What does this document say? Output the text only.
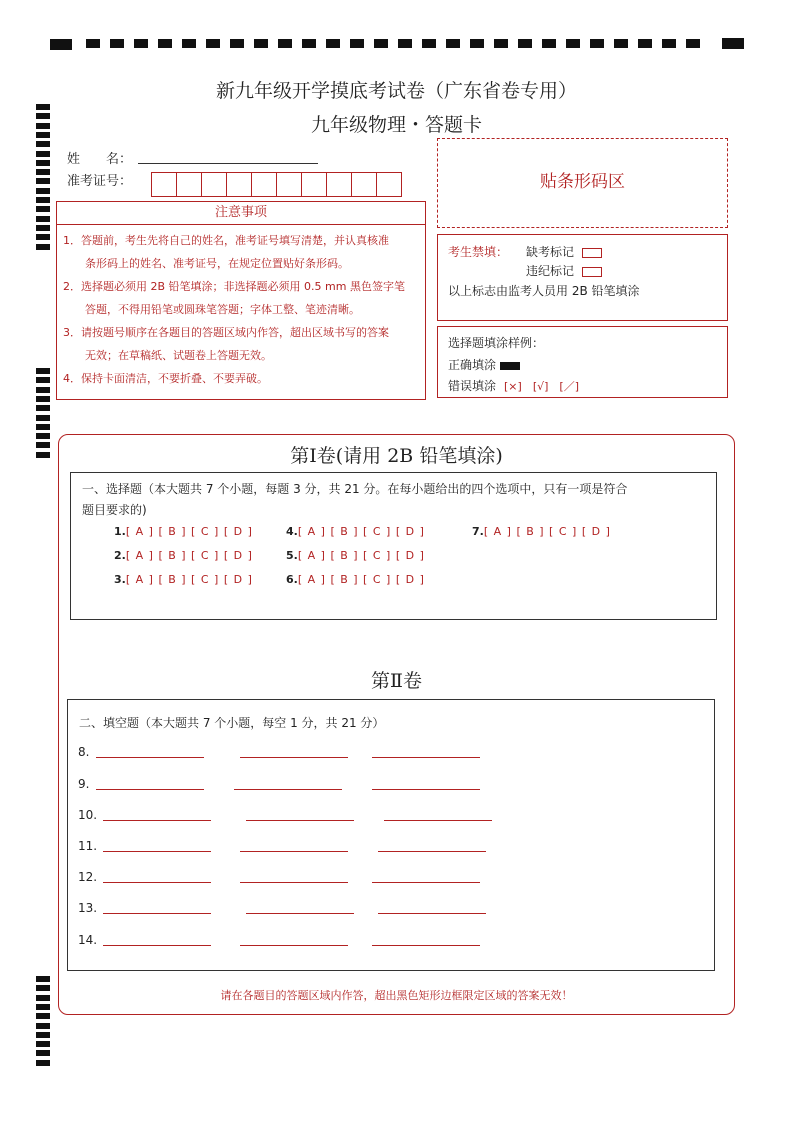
新九年级开学摸底考试卷（广东省卷专用）
九年级物理・答题卡
姓　　名：
准考证号：
注意事项
1．答题前，考生先将自己的姓名，准考证号填写清楚，并认真核准
　　条形码上的姓名、准考证号，在规定位置贴好条形码。
2．选择题必须用 2B 铅笔填涂；非选择题必须用 0.5 mm 黑色签字笔
　　答题，不得用铅笔或圆珠笔答题；字体工整、笔迹清晰。
3．请按题号顺序在各题目的答题区域内作答，超出区域书写的答案
　　无效；在草稿纸、试题卷上答题无效。
4．保持卡面清洁，不要折叠、不要弄破。
贴条形码区
考生禁填： 缺考标记
违纪标记
以上标志由监考人员用 2B 铅笔填涂
选择题填涂样例：
正确填涂
错误填涂 [×]　[√]　[／]
第Ⅰ卷(请用 2B 铅笔填涂)
一、选择题（本大题共 7 个小题，每题 3 分，共 21 分。在每小题给出的四个选项中，只有一项是符合
题目要求的)
1.[ A ] [ B ] [ C ] [ D ]
2.[ A ] [ B ] [ C ] [ D ]
3.[ A ] [ B ] [ C ] [ D ]
4.[ A ] [ B ] [ C ] [ D ]
5.[ A ] [ B ] [ C ] [ D ]
6.[ A ] [ B ] [ C ] [ D ]
7.[ A ] [ B ] [ C ] [ D ]
第Ⅱ卷
二、填空题（本大题共 7 个小题，每空 1 分，共 21 分）
8.
9.
10.
11.
12.
13.
14.
请在各题目的答题区域内作答，超出黑色矩形边框限定区域的答案无效！
